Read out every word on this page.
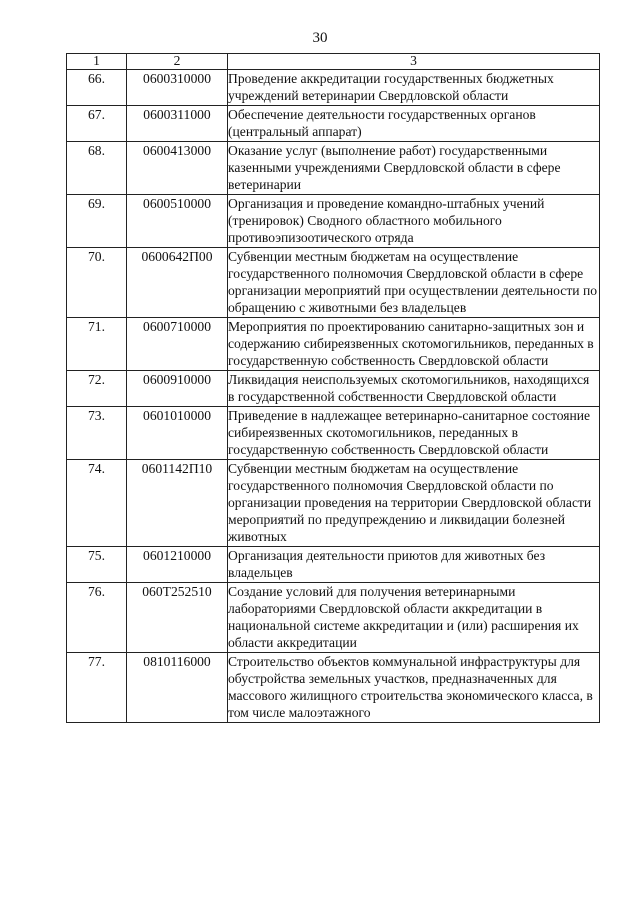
30
1	2	3
66.	0600310000	Проведение аккредитации государственных бюджетных учреждений ветеринарии Свердловской области
67.	0600311000	Обеспечение деятельности государственных органов (центральный аппарат)
68.	0600413000	Оказание услуг (выполнение работ) государственными казенными учреждениями Свердловской области в сфере ветеринарии
69.	0600510000	Организация и проведение командно-штабных учений (тренировок) Сводного областного мобильного противоэпизоотического отряда
70.	0600642П00	Субвенции местным бюджетам на осуществление государственного полномочия Свердловской области в сфере организации мероприятий при осуществлении деятельности по обращению с животными без владельцев
71.	0600710000	Мероприятия по проектированию санитарно-защитных зон и содержанию сибиреязвенных скотомогильников, переданных в государственную собственность Свердловской области
72.	0600910000	Ликвидация неиспользуемых скотомогильников, находящихся в государственной собственности Свердловской области
73.	0601010000	Приведение в надлежащее ветеринарно-санитарное состояние сибиреязвенных скотомогильников, переданных в государственную собственность Свердловской области
74.	0601142П10	Субвенции местным бюджетам на осуществление государственного полномочия Свердловской области по организации проведения на территории Свердловской области мероприятий по предупреждению и ликвидации болезней животных
75.	0601210000	Организация деятельности приютов для животных без владельцев
76.	060Т252510	Создание условий для получения ветеринарными лабораториями Свердловской области аккредитации в национальной системе аккредитации и (или) расширения их области аккредитации
77.	0810116000	Строительство объектов коммунальной инфраструктуры для обустройства земельных участков, предназначенных для массового жилищного строительства экономического класса, в том числе малоэтажного
